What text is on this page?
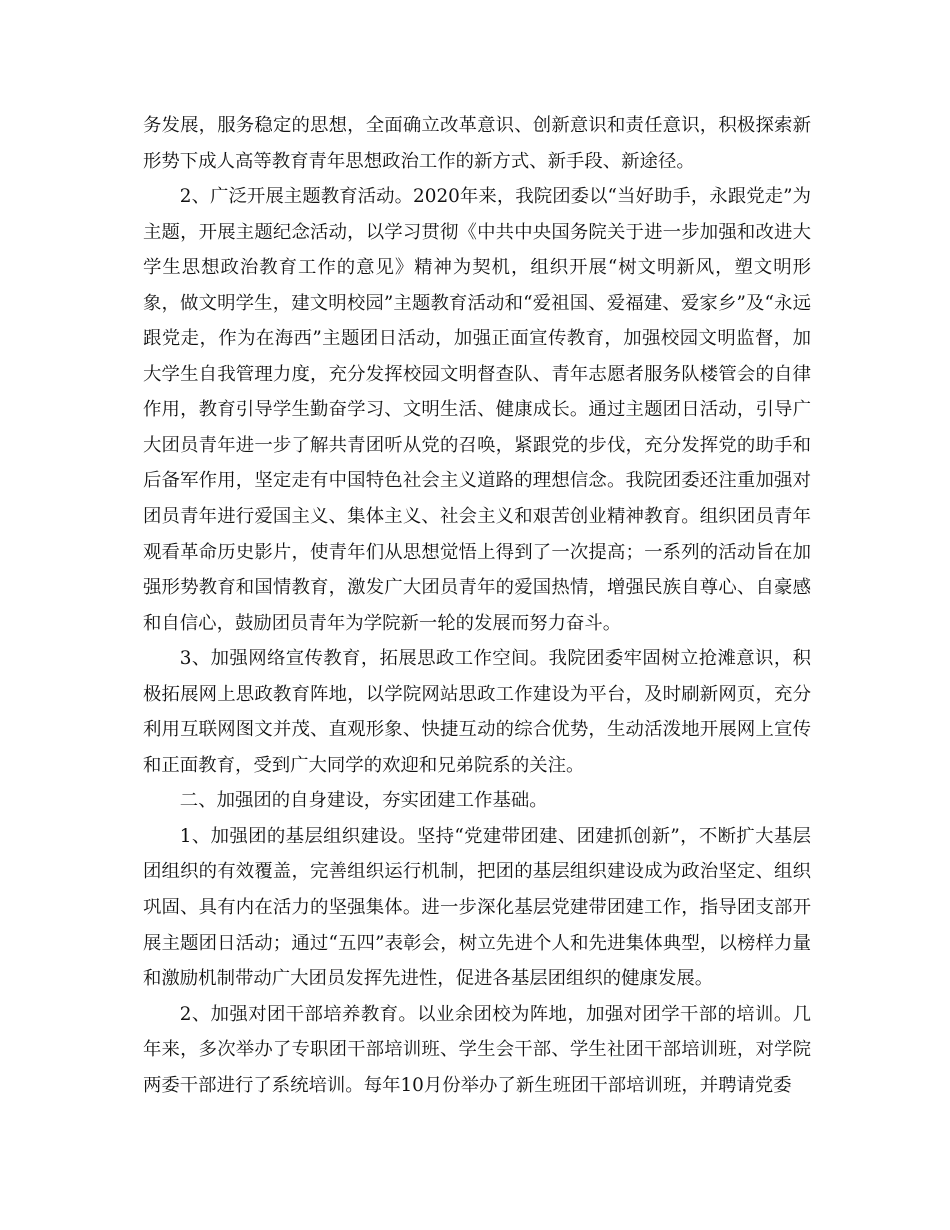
务发展，服务稳定的思想，全面确立改革意识、创新意识和责任意识，积极探索新形势下成人高等教育青年思想政治工作的新方式、新手段、新途径。

2、广泛开展主题教育活动。2020年来，我院团委以“当好助手，永跟党走”为主题，开展主题纪念活动，以学习贯彻《中共中央国务院关于进一步加强和改进大学生思想政治教育工作的意见》精神为契机，组织开展“树文明新风，塑文明形象，做文明学生，建文明校园”主题教育活动和“爱祖国、爱福建、爱家乡”及“永远跟党走，作为在海西”主题团日活动，加强正面宣传教育，加强校园文明监督，加大学生自我管理力度，充分发挥校园文明督查队、青年志愿者服务队楼管会的自律作用，教育引导学生勤奋学习、文明生活、健康成长。通过主题团日活动，引导广大团员青年进一步了解共青团听从党的召唤，紧跟党的步伐，充分发挥党的助手和后备军作用，坚定走有中国特色社会主义道路的理想信念。我院团委还注重加强对团员青年进行爱国主义、集体主义、社会主义和艰苦创业精神教育。组织团员青年观看革命历史影片，使青年们从思想觉悟上得到了一次提高；一系列的活动旨在加强形势教育和国情教育，激发广大团员青年的爱国热情，增强民族自尊心、自豪感和自信心，鼓励团员青年为学院新一轮的发展而努力奋斗。

3、加强网络宣传教育，拓展思政工作空间。我院团委牢固树立抢滩意识，积极拓展网上思政教育阵地，以学院网站思政工作建设为平台，及时刷新网页，充分利用互联网图文并茂、直观形象、快捷互动的综合优势，生动活泼地开展网上宣传和正面教育，受到广大同学的欢迎和兄弟院系的关注。

二、加强团的自身建设，夯实团建工作基础。

1、加强团的基层组织建设。坚持“党建带团建、团建抓创新”，不断扩大基层团组织的有效覆盖，完善组织运行机制，把团的基层组织建设成为政治坚定、组织巩固、具有内在活力的坚强集体。进一步深化基层党建带团建工作，指导团支部开展主题团日活动；通过“五四”表彰会，树立先进个人和先进集体典型，以榜样力量和激励机制带动广大团员发挥先进性，促进各基层团组织的健康发展。

2、加强对团干部培养教育。以业余团校为阵地，加强对团学干部的培训。几年来，多次举办了专职团干部培训班、学生会干部、学生社团干部培训班，对学院两委干部进行了系统培训。每年10月份举办了新生班团干部培训班，并聘请党委
